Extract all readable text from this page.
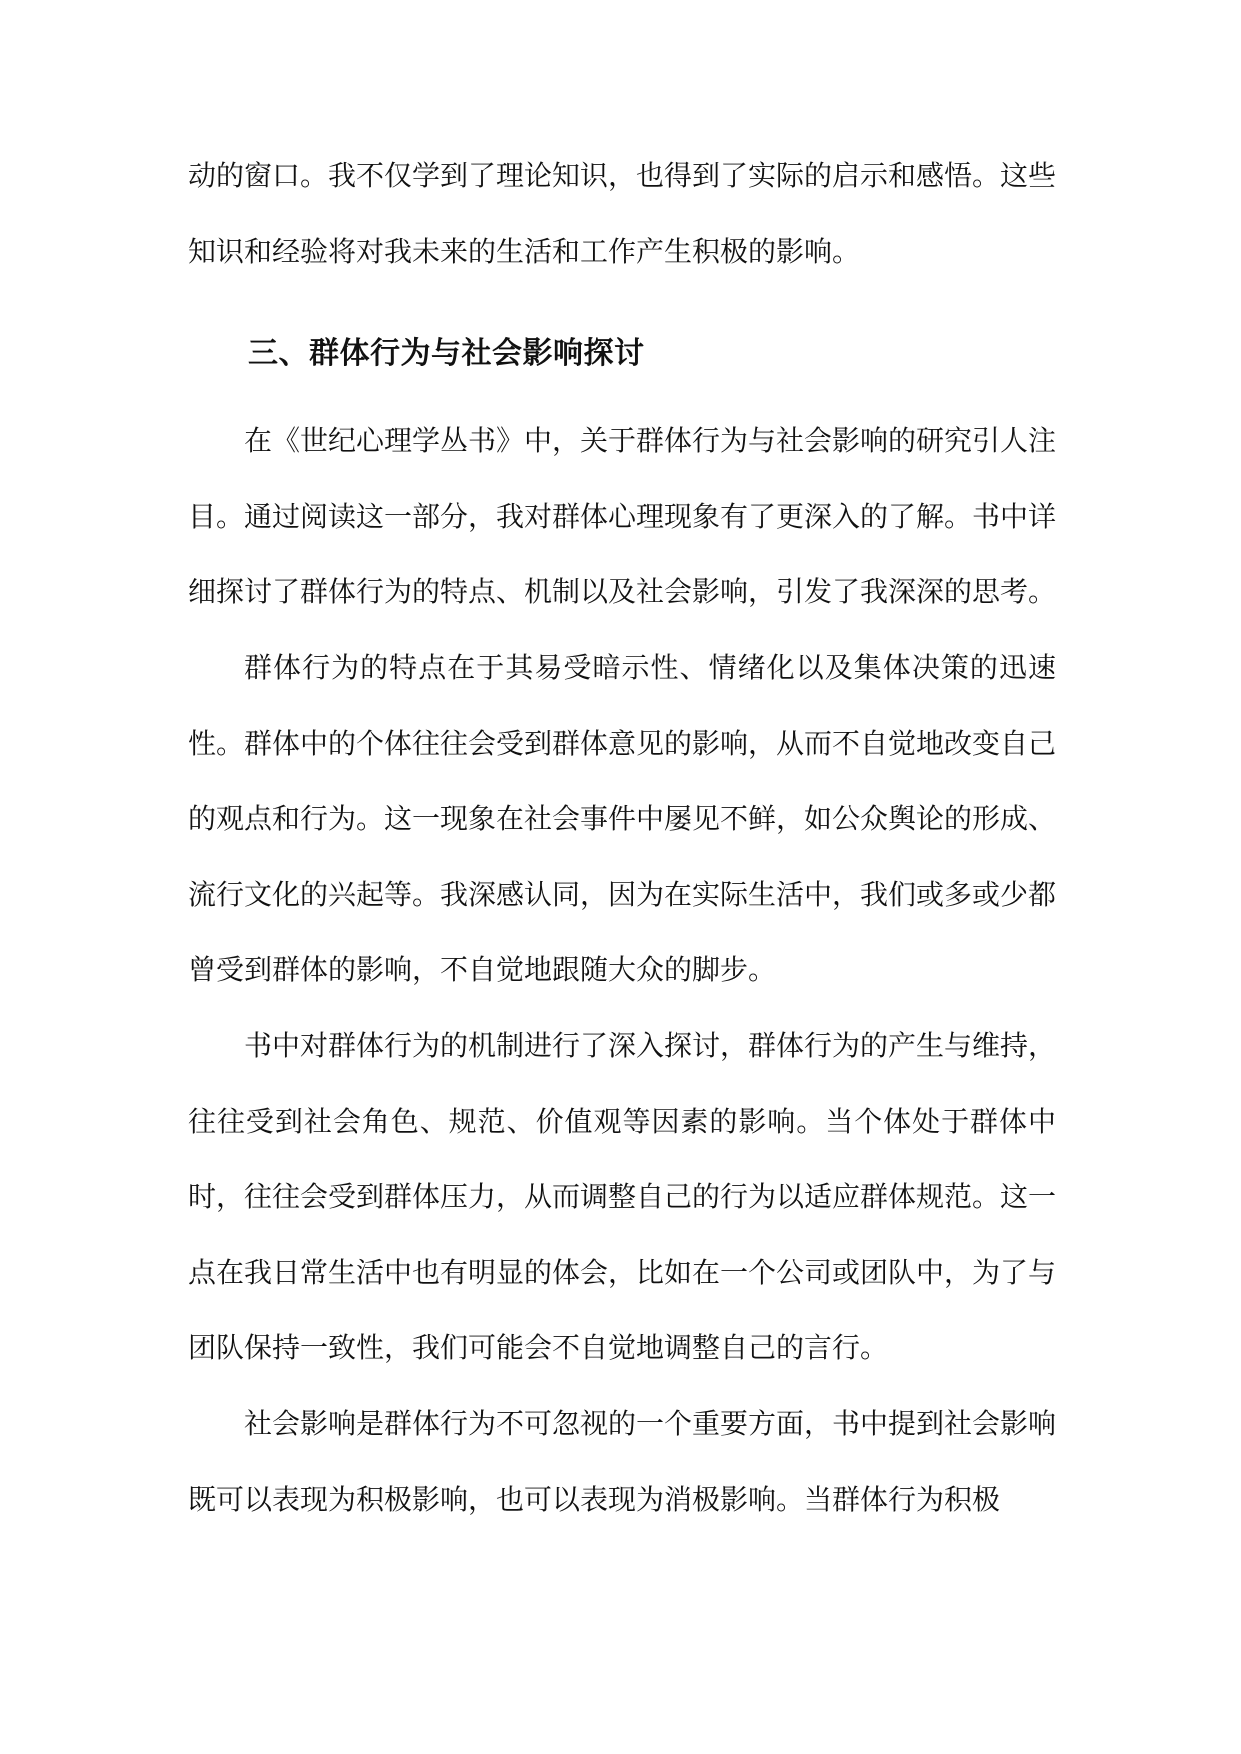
动的窗口。我不仅学到了理论知识，也得到了实际的启示和感悟。这些知识和经验将对我未来的生活和工作产生积极的影响。

三、群体行为与社会影响探讨

在《世纪心理学丛书》中，关于群体行为与社会影响的研究引人注目。通过阅读这一部分，我对群体心理现象有了更深入的了解。书中详细探讨了群体行为的特点、机制以及社会影响，引发了我深深的思考。

群体行为的特点在于其易受暗示性、情绪化以及集体决策的迅速性。群体中的个体往往会受到群体意见的影响，从而不自觉地改变自己的观点和行为。这一现象在社会事件中屡见不鲜，如公众舆论的形成、流行文化的兴起等。我深感认同，因为在实际生活中，我们或多或少都曾受到群体的影响，不自觉地跟随大众的脚步。

书中对群体行为的机制进行了深入探讨，群体行为的产生与维持，往往受到社会角色、规范、价值观等因素的影响。当个体处于群体中时，往往会受到群体压力，从而调整自己的行为以适应群体规范。这一点在我日常生活中也有明显的体会，比如在一个公司或团队中，为了与团队保持一致性，我们可能会不自觉地调整自己的言行。

社会影响是群体行为不可忽视的一个重要方面，书中提到社会影响既可以表现为积极影响，也可以表现为消极影响。当群体行为积极
